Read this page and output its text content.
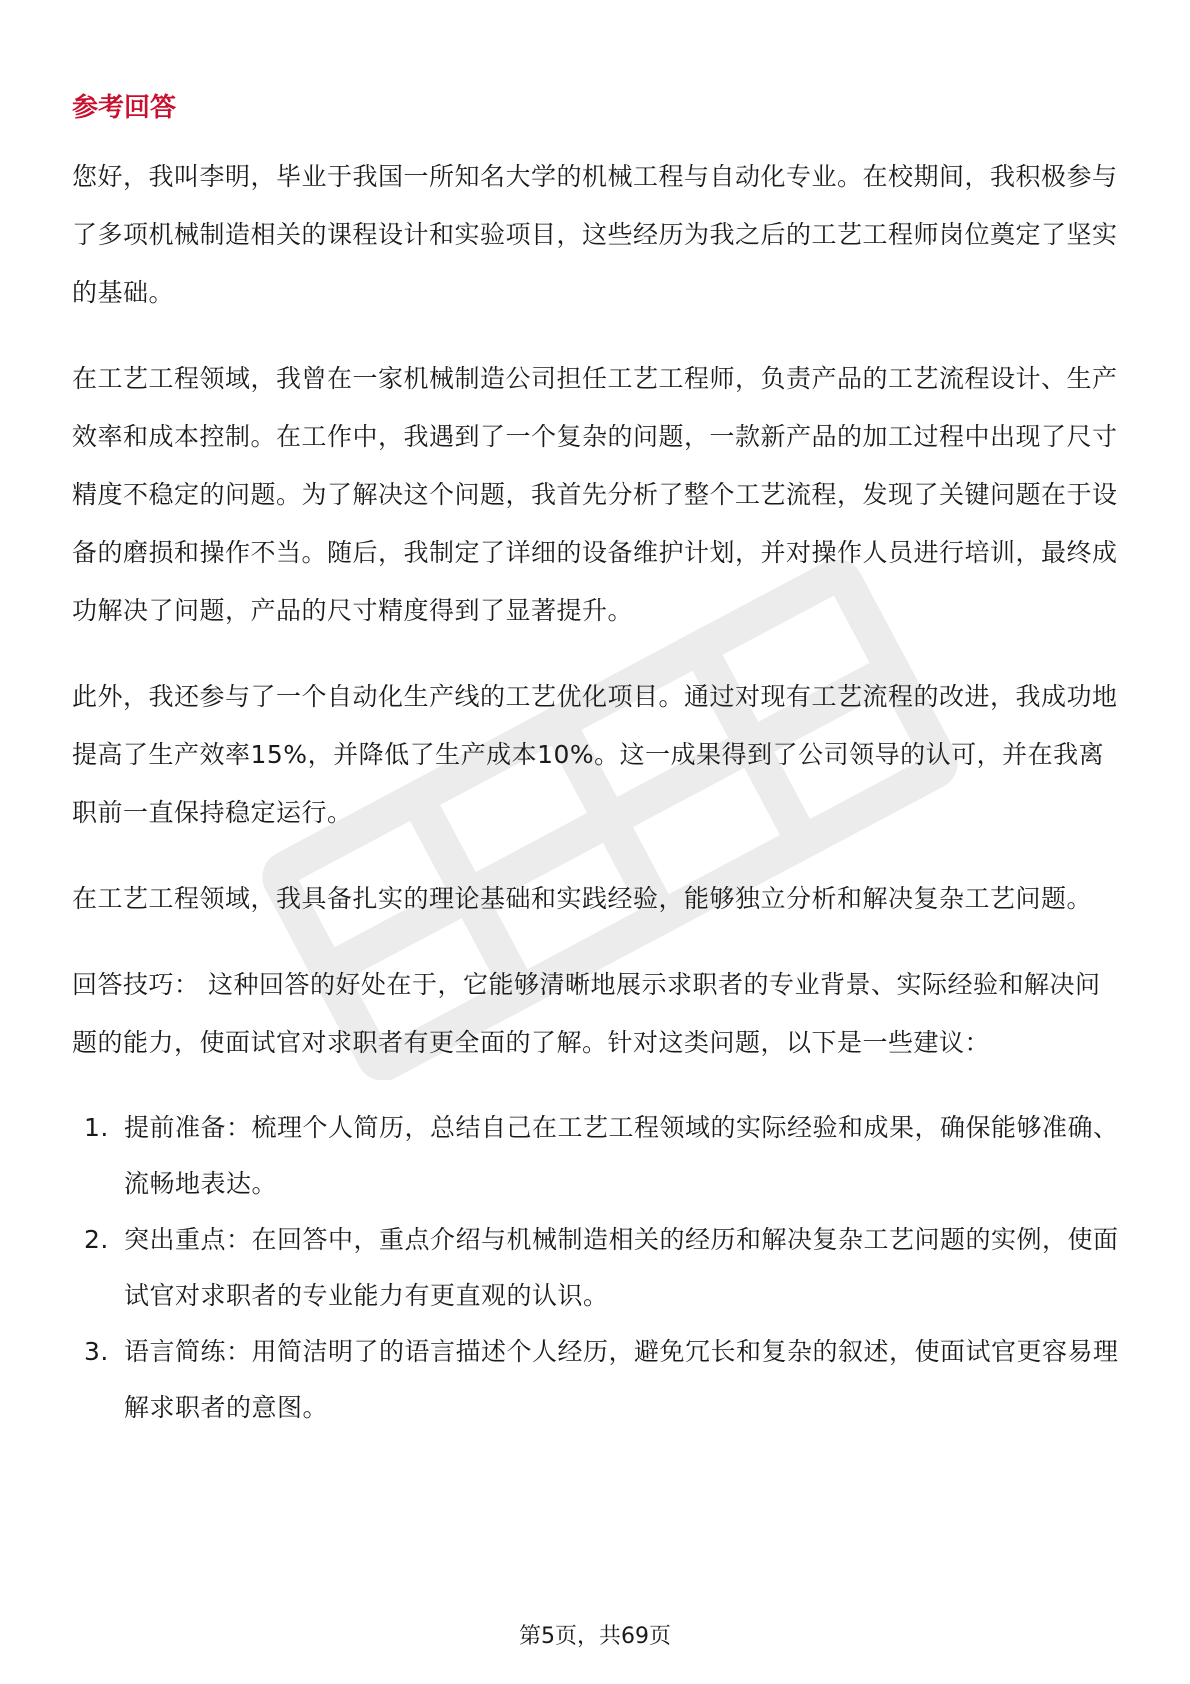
参考回答

您好，我叫李明，毕业于我国一所知名大学的机械工程与自动化专业。在校期间，我积极参与了多项机械制造相关的课程设计和实验项目，这些经历为我之后的工艺工程师岗位奠定了坚实的基础。

在工艺工程领域，我曾在一家机械制造公司担任工艺工程师，负责产品的工艺流程设计、生产效率和成本控制。在工作中，我遇到了一个复杂的问题，一款新产品的加工过程中出现了尺寸精度不稳定的问题。为了解决这个问题，我首先分析了整个工艺流程，发现了关键问题在于设备的磨损和操作不当。随后，我制定了详细的设备维护计划，并对操作人员进行培训，最终成功解决了问题，产品的尺寸精度得到了显著提升。

此外，我还参与了一个自动化生产线的工艺优化项目。通过对现有工艺流程的改进，我成功地提高了生产效率15%，并降低了生产成本10%。这一成果得到了公司领导的认可，并在我离职前一直保持稳定运行。

在工艺工程领域，我具备扎实的理论基础和实践经验，能够独立分析和解决复杂工艺问题。

回答技巧： 这种回答的好处在于，它能够清晰地展示求职者的专业背景、实际经验和解决问题的能力，使面试官对求职者有更全面的了解。针对这类问题，以下是一些建议：

1. 提前准备：梳理个人简历，总结自己在工艺工程领域的实际经验和成果，确保能够准确、流畅地表达。
2. 突出重点：在回答中，重点介绍与机械制造相关的经历和解决复杂工艺问题的实例，使面试官对求职者的专业能力有更直观的认识。
3. 语言简练：用简洁明了的语言描述个人经历，避免冗长和复杂的叙述，使面试官更容易理解求职者的意图。
第5页，共69页
